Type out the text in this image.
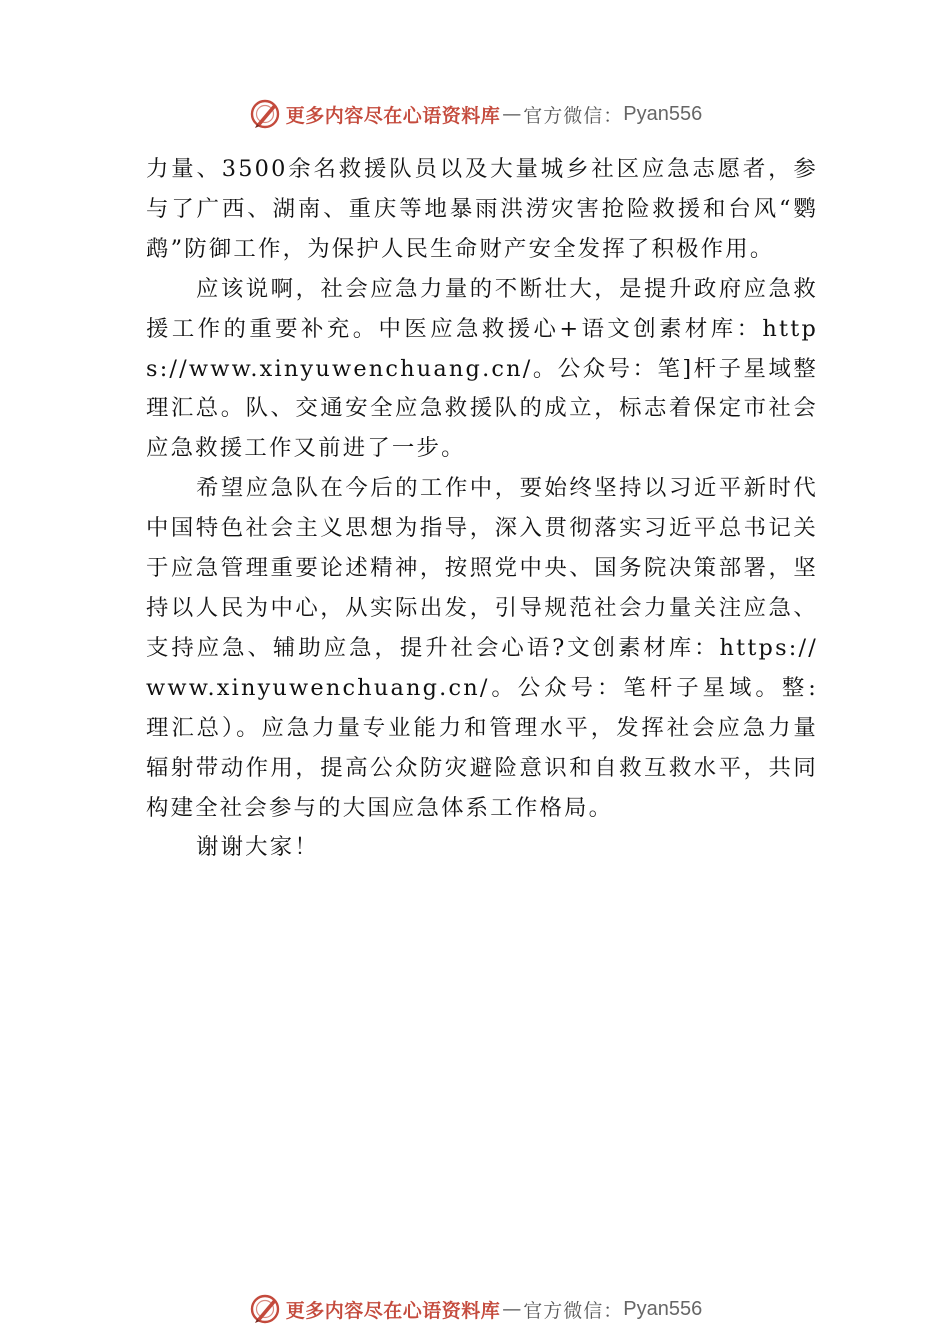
更多内容尽在心语资料库 — 官方微信： Pyan556

力量、3500余名救援队员以及大量城乡社区应急志愿者，参与了广西、湖南、重庆等地暴雨洪涝灾害抢险救援和台风“鹦鹉”防御工作，为保护人民生命财产安全发挥了积极作用。

应该说啊，社会应急力量的不断壮大，是提升政府应急救援工作的重要补充。中医应急救援心+语文创素材库：https://www.xinyuwenchuang.cn/。公众号：笔]杆子星域整理汇总。队、交通安全应急救援队的成立，标志着保定市社会应急救援工作又前进了一步。

希望应急队在今后的工作中，要始终坚持以习近平新时代中国特色社会主义思想为指导，深入贯彻落实习近平总书记关于应急管理重要论述精神，按照党中央、国务院决策部署，坚持以人民为中心，从实际出发，引导规范社会力量关注应急、支持应急、辅助应急，提升社会心语?文创素材库：https://www.xinyuwenchuang.cn/。公众号：笔杆子星域。整:理汇总）。应急力量专业能力和管理水平，发挥社会应急力量辐射带动作用，提高公众防灾避险意识和自救互救水平，共同构建全社会参与的大国应急体系工作格局。

谢谢大家！

更多内容尽在心语资料库 — 官方微信： Pyan556
